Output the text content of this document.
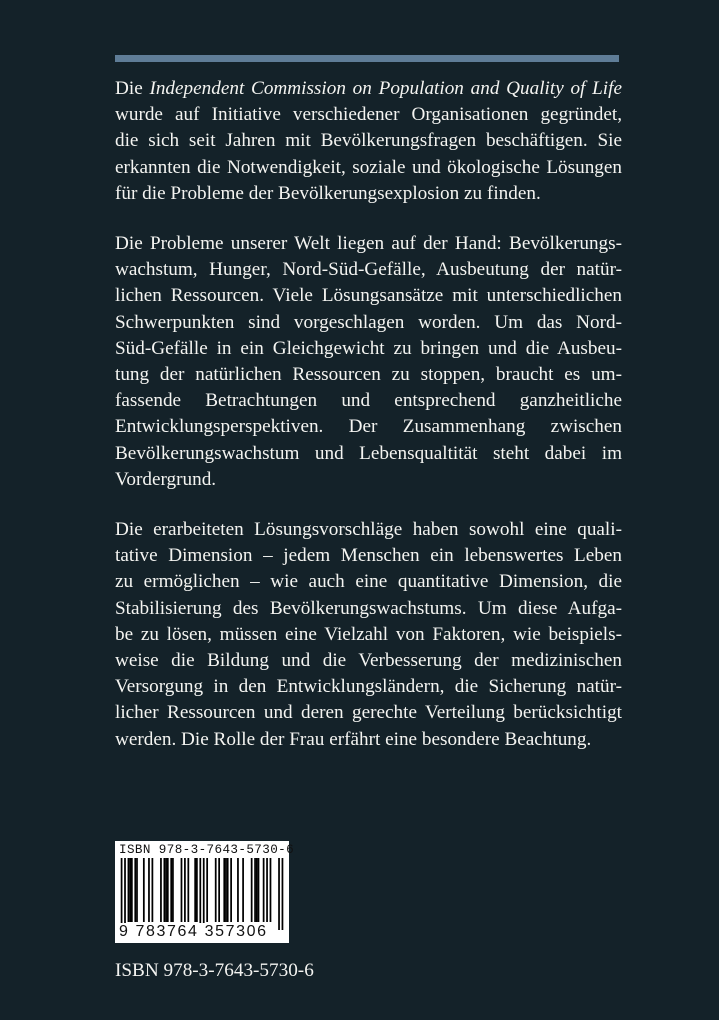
Die Independent Commission on Population and Quality of Life
wurde auf Initiative verschiedener Organisationen gegründet,
die sich seit Jahren mit Bevölkerungsfragen beschäftigen. Sie
erkannten die Notwendigkeit, soziale und ökologische Lösungen
für die Probleme der Bevölkerungsexplosion zu finden.
Die Probleme unserer Welt liegen auf der Hand: Bevölkerungs-
wachstum, Hunger, Nord-Süd-Gefälle, Ausbeutung der natür-
lichen Ressourcen. Viele Lösungsansätze mit unterschiedlichen
Schwerpunkten sind vorgeschlagen worden. Um das Nord-
Süd-Gefälle in ein Gleichgewicht zu bringen und die Ausbeu-
tung der natürlichen Ressourcen zu stoppen, braucht es um-
fassende Betrachtungen und entsprechend ganzheitliche
Entwicklungsperspektiven. Der Zusammenhang zwischen
Bevölkerungswachstum und Lebensqualtität steht dabei im
Vordergrund.
Die erarbeiteten Lösungsvorschläge haben sowohl eine quali-
tative Dimension – jedem Menschen ein lebenswertes Leben
zu ermöglichen – wie auch eine quantitative Dimension, die
Stabilisierung des Bevölkerungswachstums. Um diese Aufga-
be zu lösen, müssen eine Vielzahl von Faktoren, wie beispiels-
weise die Bildung und die Verbesserung der medizinischen
Versorgung in den Entwicklungsländern, die Sicherung natür-
licher Ressourcen und deren gerechte Verteilung berücksichtigt
werden. Die Rolle der Frau erfährt eine besondere Beachtung.
ISBN 978-3-7643-5730-6
9 783764 357306
ISBN 978-3-7643-5730-6
